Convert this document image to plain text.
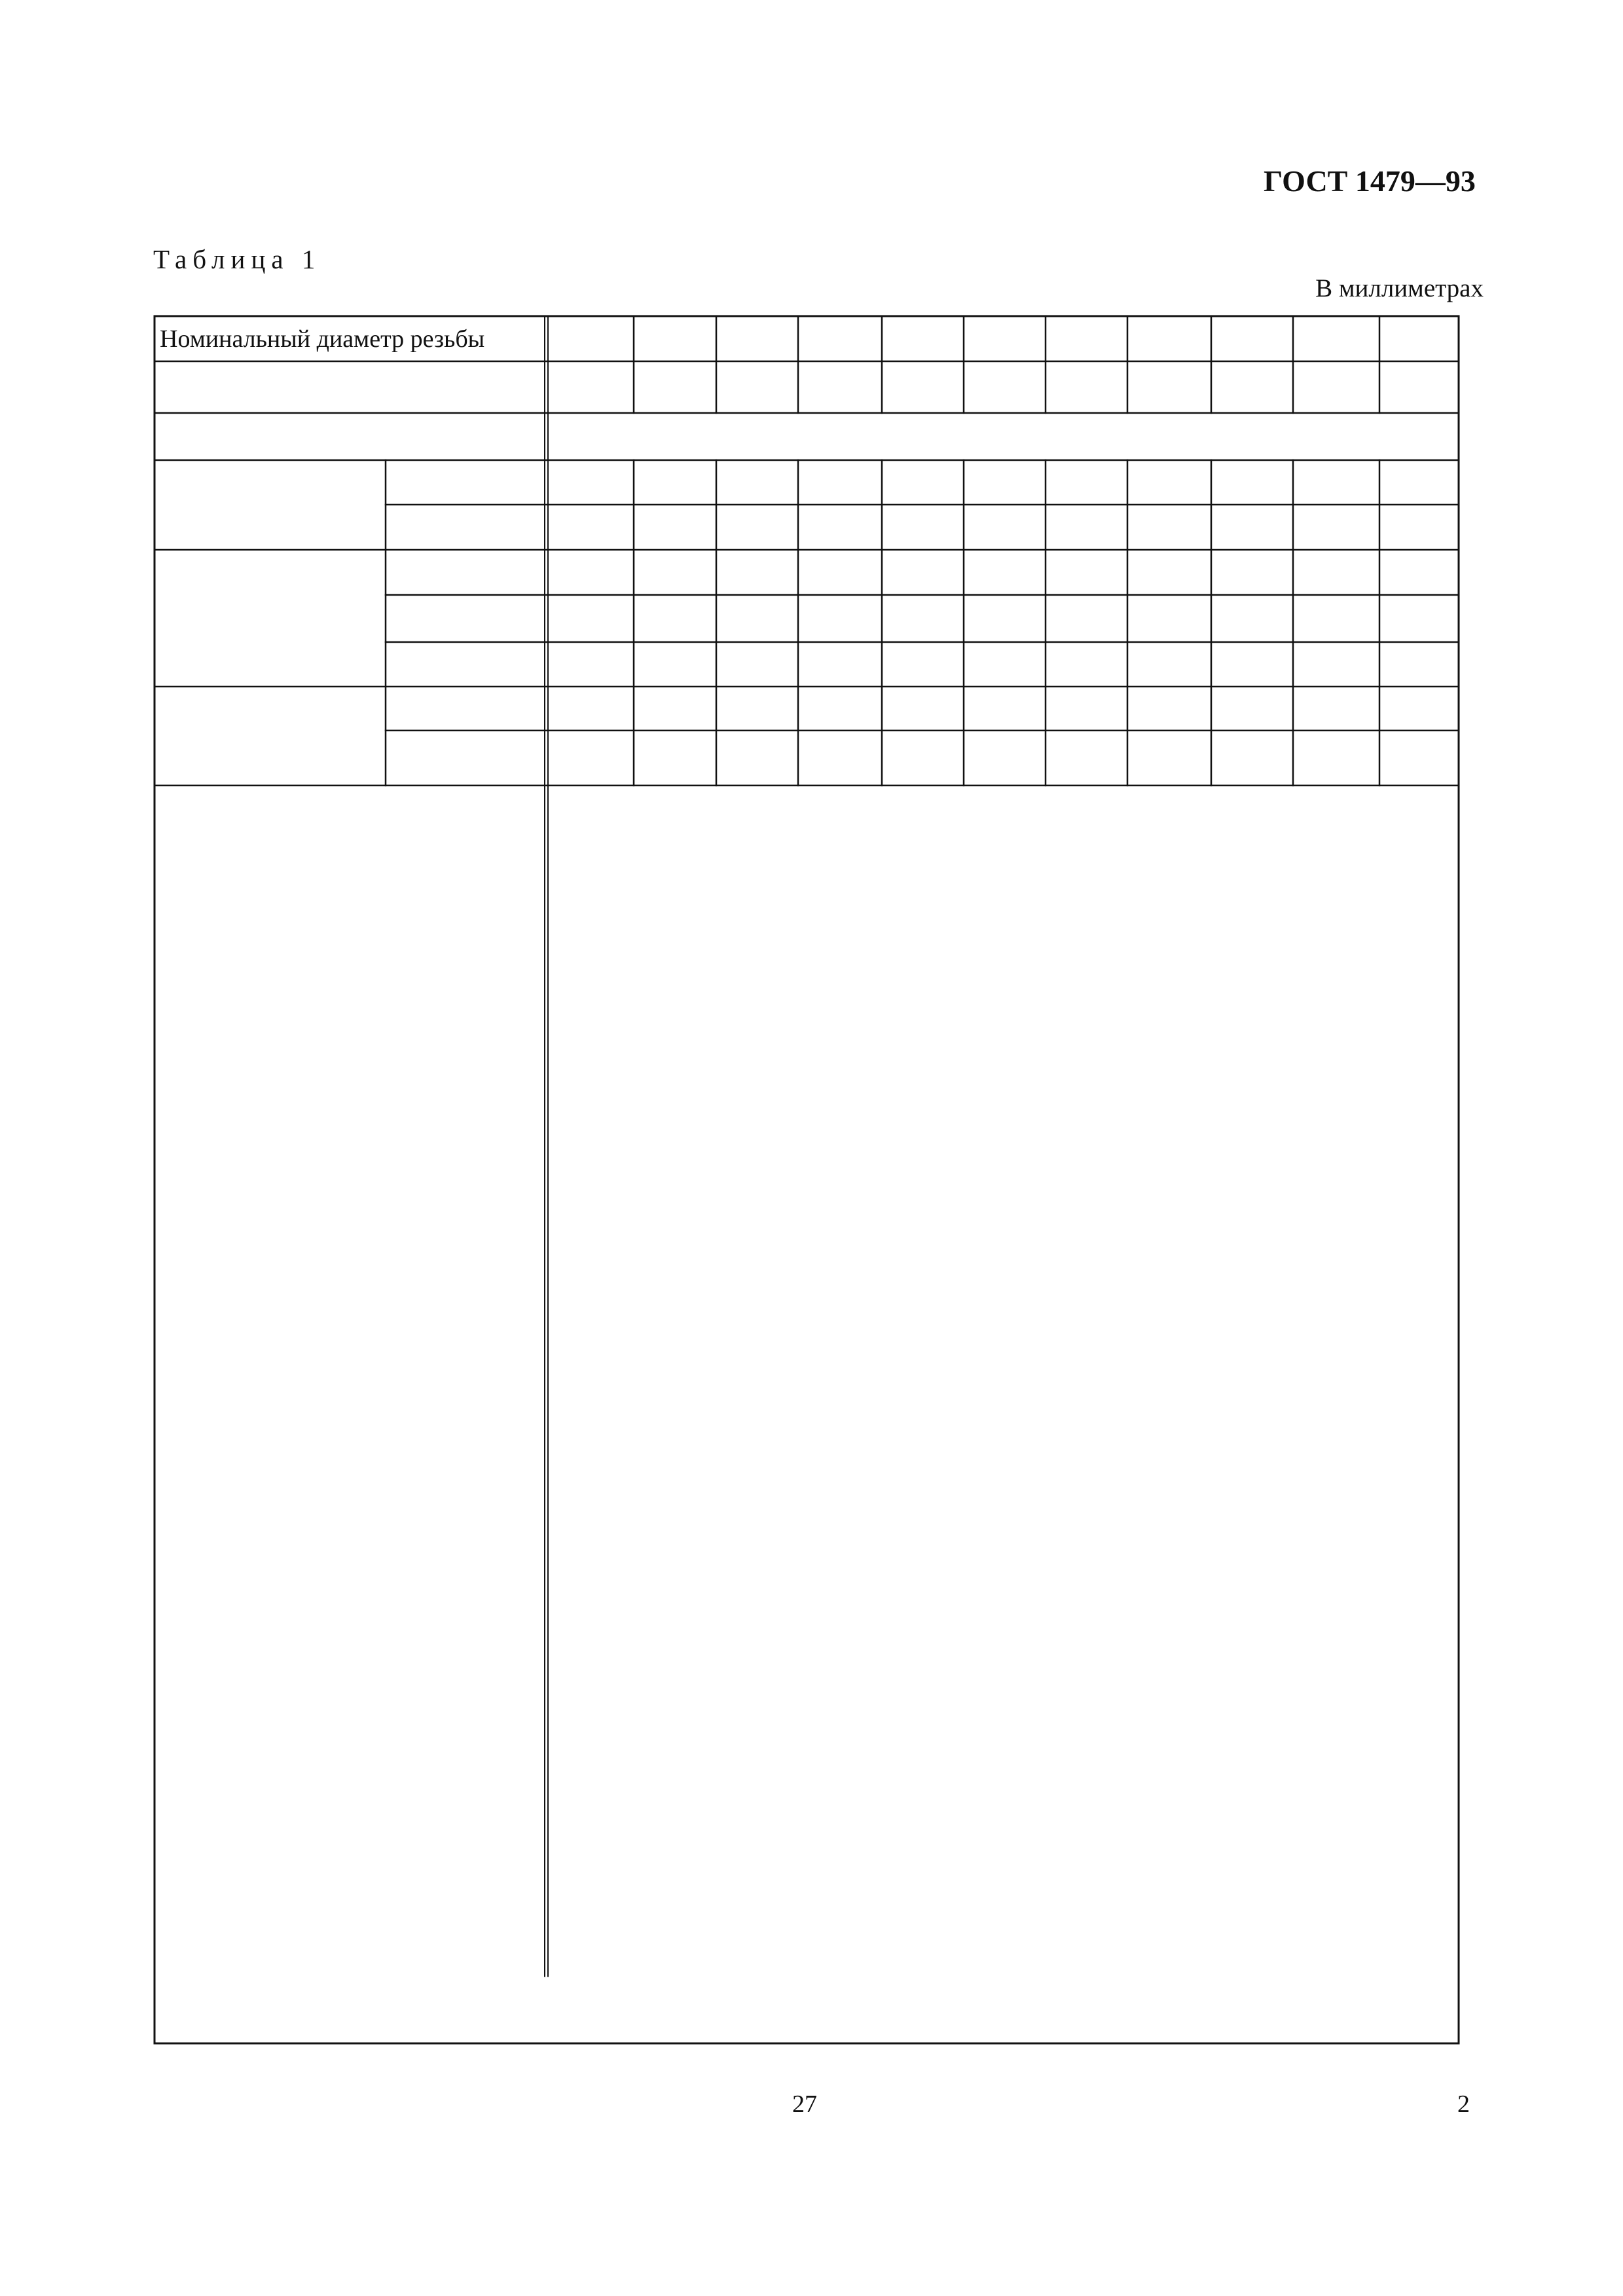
ГОСТ 1479—93
Таблица 1
В миллиметрах
Номинальный диаметр резьбы
27	2
